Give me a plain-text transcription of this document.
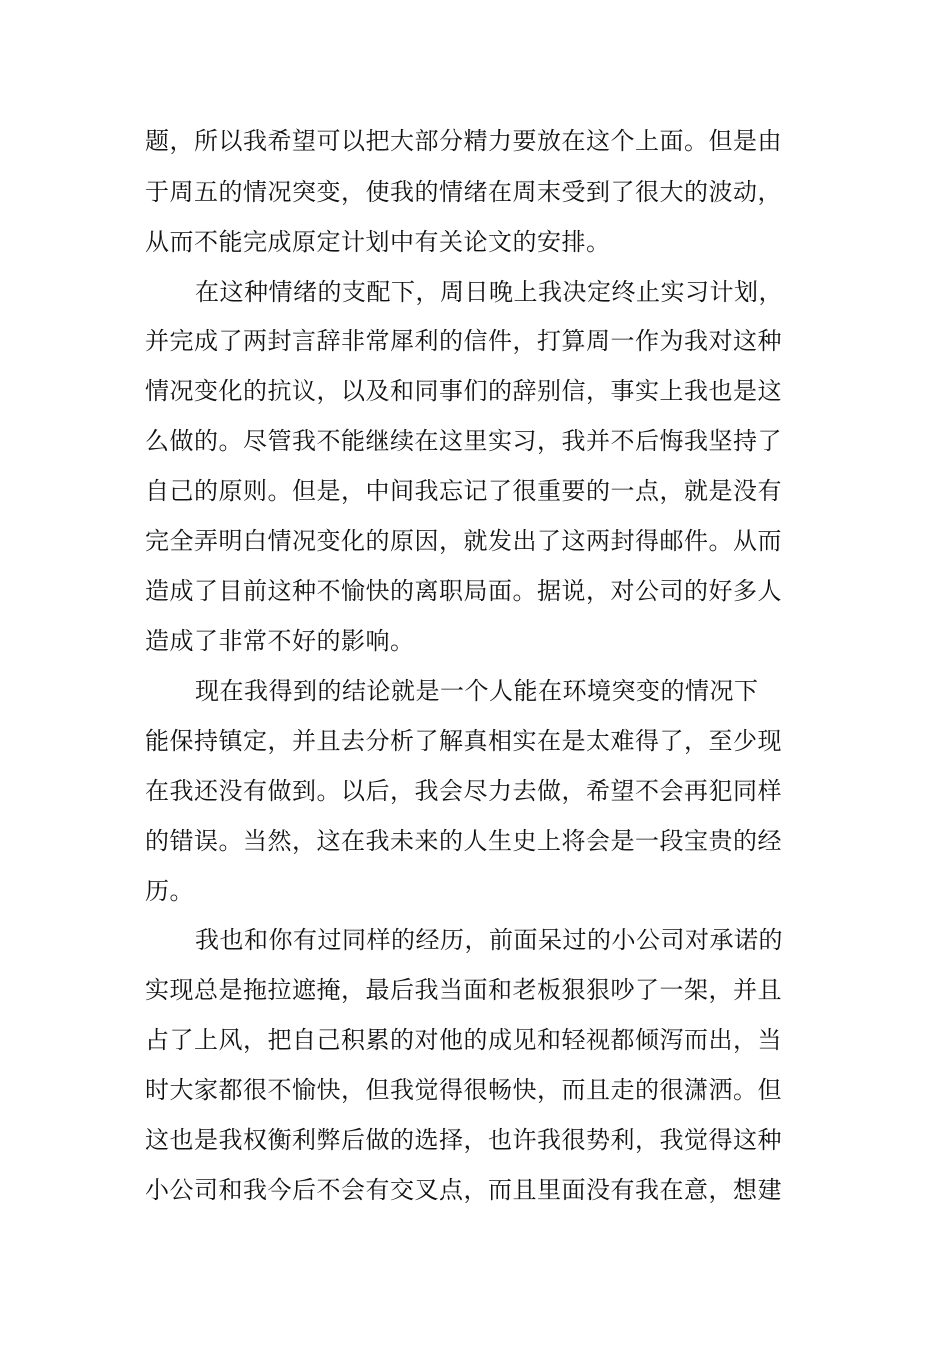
题，所以我希望可以把大部分精力要放在这个上面。但是由
于周五的情况突变，使我的情绪在周末受到了很大的波动，
从而不能完成原定计划中有关论文的安排。
在这种情绪的支配下，周日晚上我决定终止实习计划，
并完成了两封言辞非常犀利的信件，打算周一作为我对这种
情况变化的抗议，以及和同事们的辞别信，事实上我也是这
么做的。尽管我不能继续在这里实习，我并不后悔我坚持了
自己的原则。但是，中间我忘记了很重要的一点，就是没有
完全弄明白情况变化的原因，就发出了这两封得邮件。从而
造成了目前这种不愉快的离职局面。据说，对公司的好多人
造成了非常不好的影响。
现在我得到的结论就是一个人能在环境突变的情况下
能保持镇定，并且去分析了解真相实在是太难得了，至少现
在我还没有做到。以后，我会尽力去做，希望不会再犯同样
的错误。当然，这在我未来的人生史上将会是一段宝贵的经
历。
我也和你有过同样的经历，前面呆过的小公司对承诺的
实现总是拖拉遮掩，最后我当面和老板狠狠吵了一架，并且
占了上风，把自己积累的对他的成见和轻视都倾泻而出，当
时大家都很不愉快，但我觉得很畅快，而且走的很潇洒。但
这也是我权衡利弊后做的选择，也许我很势利，我觉得这种
小公司和我今后不会有交叉点，而且里面没有我在意，想建
